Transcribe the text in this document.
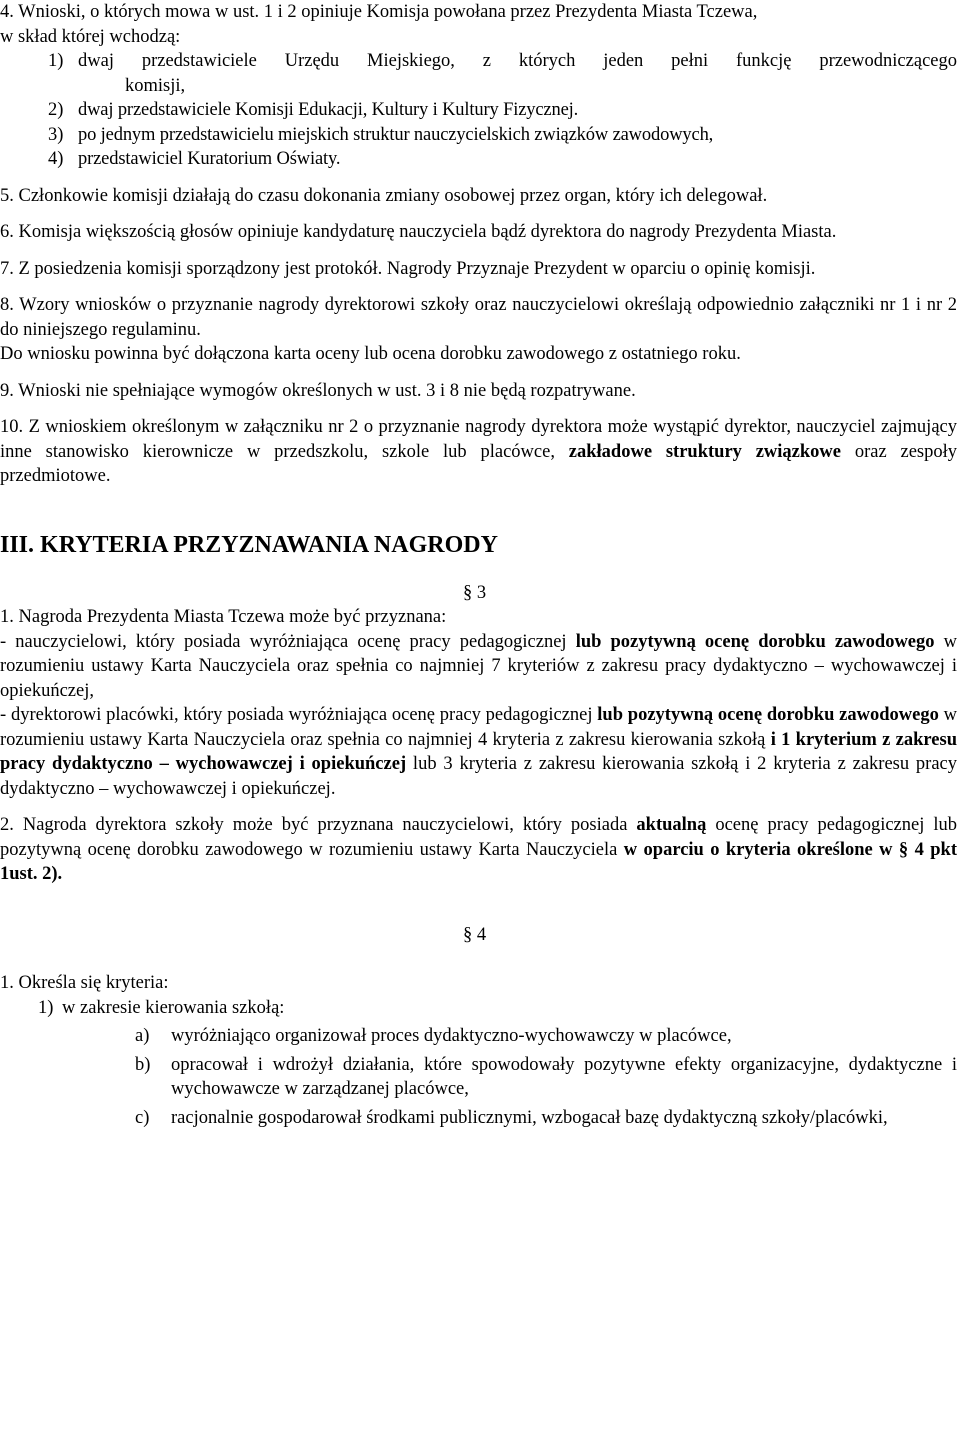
4. Wnioski, o których mowa w ust. 1 i 2 opiniuje Komisja powołana przez Prezydenta Miasta Tczewa,

w skład której wchodzą:

1) dwaj przedstawiciele Urzędu Miejskiego, z których jeden pełni funkcję przewodniczącego

komisji,

2) dwaj przedstawiciele Komisji Edukacji, Kultury i Kultury Fizycznej.
3) po jednym przedstawicielu miejskich struktur nauczycielskich związków zawodowych,
4) przedstawiciel Kuratorium Oświaty.

5. Członkowie komisji działają do czasu dokonania zmiany osobowej przez organ, który ich delegował.

6. Komisja większością głosów opiniuje kandydaturę nauczyciela bądź dyrektora do nagrody Prezydenta Miasta.

7. Z posiedzenia komisji sporządzony jest protokół. Nagrody Przyznaje Prezydent w oparciu o opinię komisji.

8. Wzory wniosków o przyznanie nagrody dyrektorowi szkoły oraz nauczycielowi określają odpowiednio załączniki nr 1 i nr 2 do niniejszego regulaminu.

Do wniosku powinna być dołączona karta oceny lub ocena dorobku zawodowego z ostatniego roku.

9. Wnioski nie spełniające wymogów określonych w ust. 3 i 8 nie będą rozpatrywane.

10. Z wnioskiem określonym w załączniku nr 2 o przyznanie nagrody dyrektora może wystąpić dyrektor, nauczyciel zajmujący inne stanowisko kierownicze w przedszkolu, szkole lub placówce, zakładowe struktury związkowe oraz zespoły przedmiotowe.

III. KRYTERIA PRZYZNAWANIA NAGRODY

§ 3

1. Nagroda Prezydenta Miasta Tczewa może być przyznana:

- nauczycielowi, który posiada wyróżniająca ocenę pracy pedagogicznej lub pozytywną ocenę dorobku zawodowego w rozumieniu ustawy Karta Nauczyciela oraz spełnia co najmniej 7 kryteriów z zakresu pracy dydaktyczno – wychowawczej i opiekuńczej,

- dyrektorowi placówki, który posiada wyróżniająca ocenę pracy pedagogicznej lub pozytywną ocenę dorobku zawodowego w rozumieniu ustawy Karta Nauczyciela oraz spełnia co najmniej 4 kryteria z zakresu kierowania szkołą i 1 kryterium z zakresu pracy dydaktyczno – wychowawczej i opiekuńczej lub 3 kryteria z zakresu kierowania szkołą i 2 kryteria z zakresu pracy dydaktyczno – wychowawczej i opiekuńczej.

2. Nagroda dyrektora szkoły może być przyznana nauczycielowi, który posiada aktualną ocenę pracy pedagogicznej lub pozytywną ocenę dorobku zawodowego w rozumieniu ustawy Karta Nauczyciela w oparciu o kryteria określone w § 4 pkt 1ust. 2).

§ 4

1. Określa się kryteria:

1) w zakresie kierowania szkołą:
a)	wyróżniająco organizował proces dydaktyczno-wychowawczy w placówce,
b)	opracował i wdrożył działania, które spowodowały pozytywne efekty organizacyjne, dydaktyczne i wychowawcze w zarządzanej placówce,
c)	racjonalnie gospodarował środkami publicznymi, wzbogacał bazę dydaktyczną szkoły/placówki,
